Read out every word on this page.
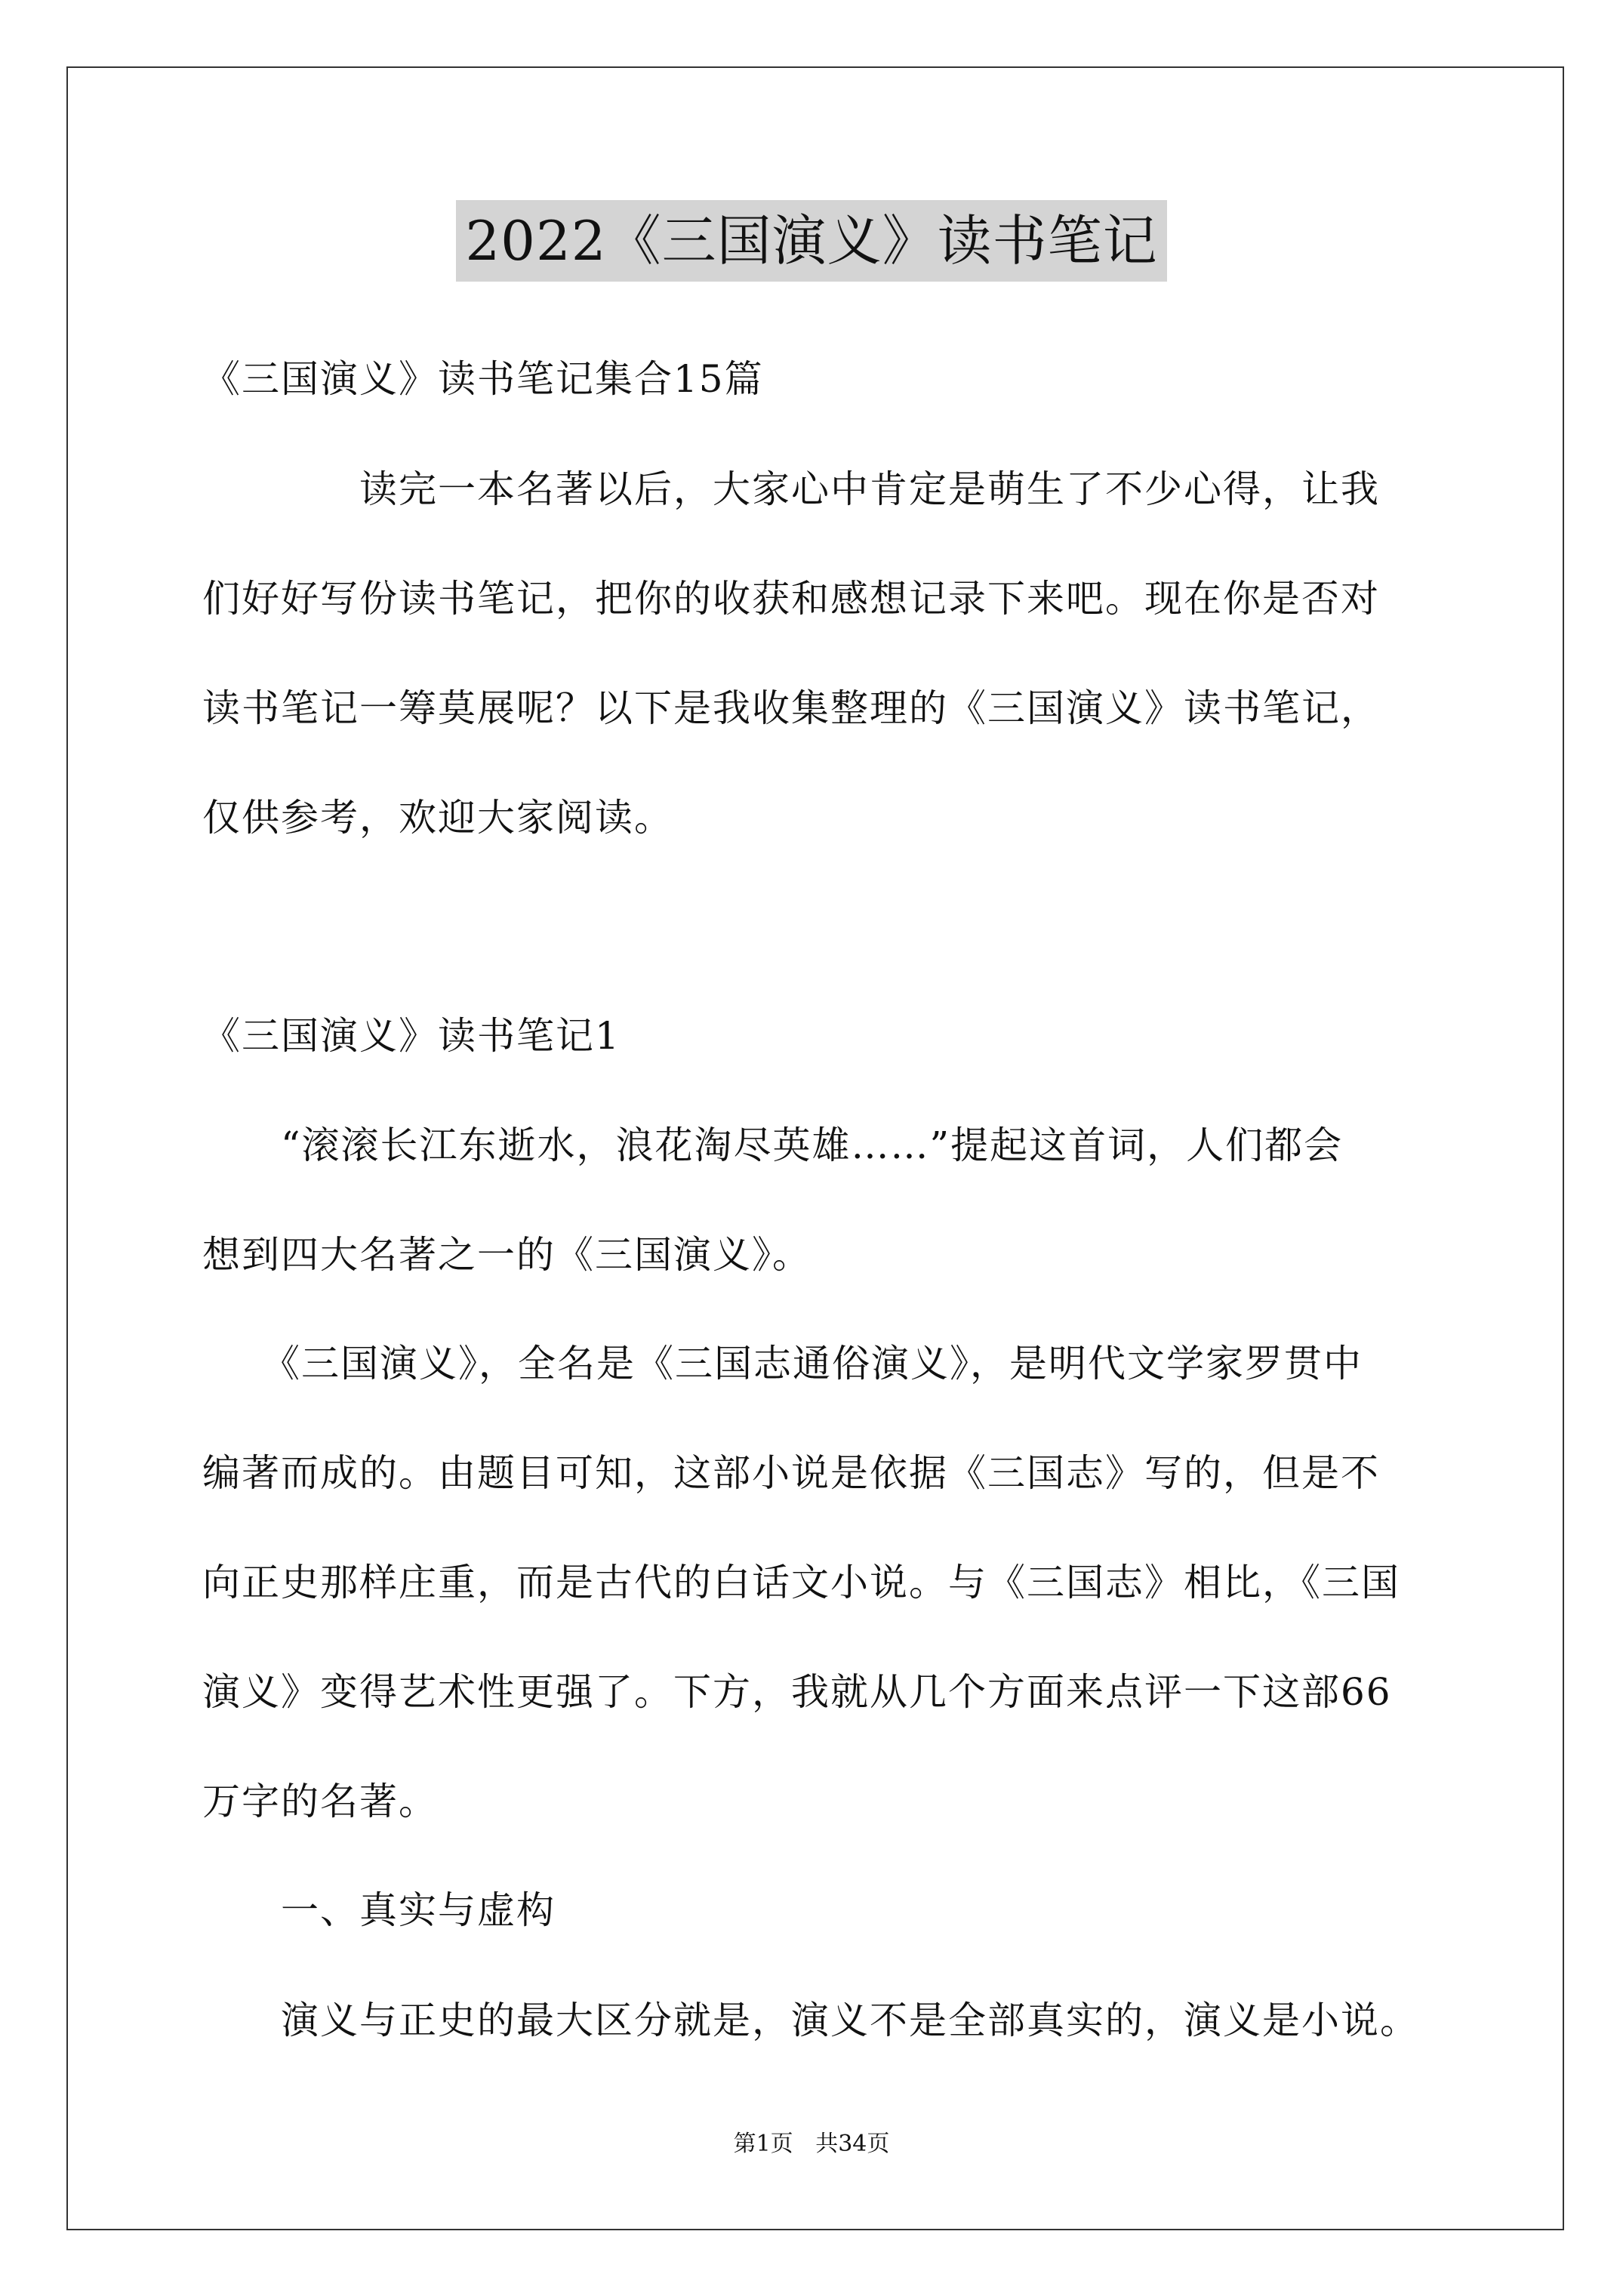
2022《三国演义》读书笔记
《三国演义》读书笔记集合15篇
　　　　读完一本名著以后，大家心中肯定是萌生了不少心得，让我
们好好写份读书笔记，把你的收获和感想记录下来吧。现在你是否对
读书笔记一筹莫展呢？以下是我收集整理的《三国演义》读书笔记，
仅供参考，欢迎大家阅读。
《三国演义》读书笔记1
　　“滚滚长江东逝水，浪花淘尽英雄……”提起这首词，人们都会
想到四大名著之一的《三国演义》。
　　《三国演义》，全名是《三国志通俗演义》，是明代文学家罗贯中
编著而成的。由题目可知，这部小说是依据《三国志》写的，但是不
向正史那样庄重，而是古代的白话文小说。与《三国志》相比，《三国
演义》变得艺术性更强了。下方，我就从几个方面来点评一下这部66
万字的名著。
　　一、真实与虚构
　　演义与正史的最大区分就是，演义不是全部真实的，演义是小说。
第1页 共34页
